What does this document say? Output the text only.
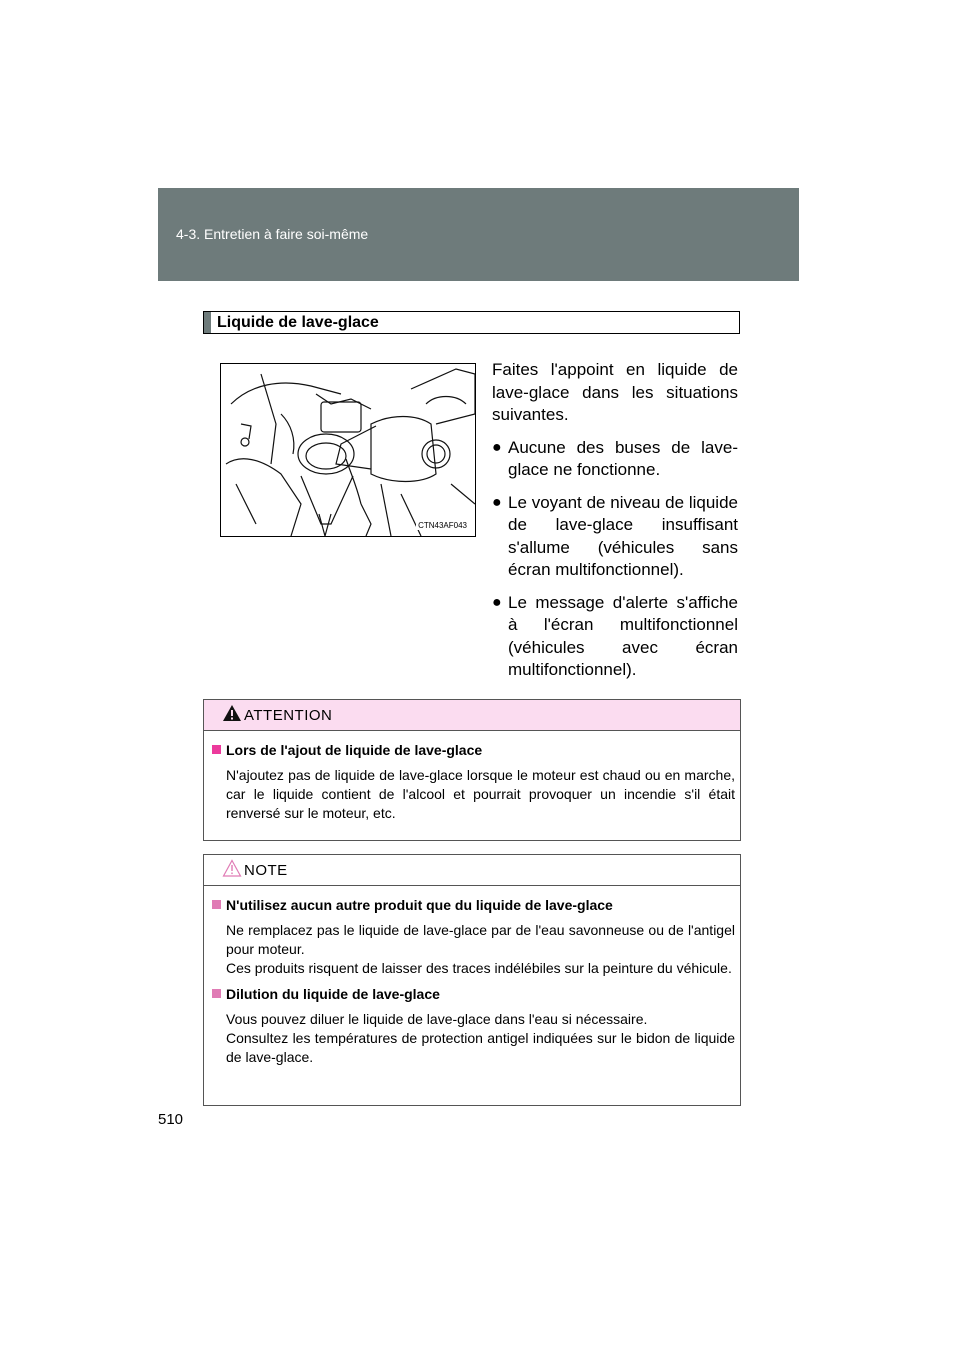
4-3. Entretien à faire soi-même
Liquide de lave-glace
CTN43AF043

Faites l'appoint en liquide de lave-glace dans les situations suivantes.

● Aucune des buses de lave-glace ne fonctionne.
● Le voyant de niveau de liquide de lave-glace insuffisant s'allume (véhicules sans écran multifonctionnel).
● Le message d'alerte s'affiche à l'écran multifonctionnel (véhicules avec écran multifonctionnel).
ATTENTION
Lors de l'ajout de liquide de lave-glace
N'ajoutez pas de liquide de lave-glace lorsque le moteur est chaud ou en marche, car le liquide contient de l'alcool et pourrait provoquer un incendie s'il était renversé sur le moteur, etc.
NOTE
N'utilisez aucun autre produit que du liquide de lave-glace
Ne remplacez pas le liquide de lave-glace par de l'eau savonneuse ou de l'antigel pour moteur.
Ces produits risquent de laisser des traces indélébiles sur la peinture du véhicule.
Dilution du liquide de lave-glace
Vous pouvez diluer le liquide de lave-glace dans l'eau si nécessaire.
Consultez les températures de protection antigel indiquées sur le bidon de liquide de lave-glace.
510
